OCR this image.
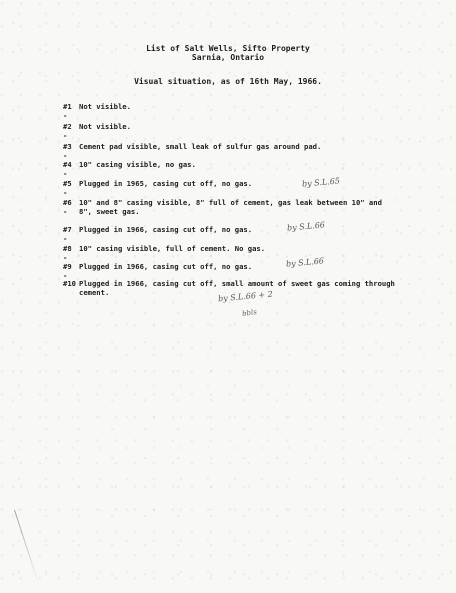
List of Salt Wells, Sifto Property
Sarnia, Ontario
Visual situation, as of 16th May, 1966.
#1 -
Not visible.
#2 -
Not visible.
#3 -
Cement pad visible, small leak of sulfur gas around pad.
#4 -
10" casing visible, no gas.
#5 -
Plugged in 1965, casing cut off, no gas.
#6 -
10" and 8" casing visible, 8" full of cement, gas leak between 10" and 8", sweet gas.
#7 -
Plugged in 1966, casing cut off, no gas.
#8 -
10" casing visible, full of cement. No gas.
#9 -
Plugged in 1966, casing cut off, no gas.
#10 Plugged in 1966, casing cut off, small amount of sweet gas coming through cement.
by S.L.65
by S.L.66
by S.L.66
by S.L.66 + 2
bbls
